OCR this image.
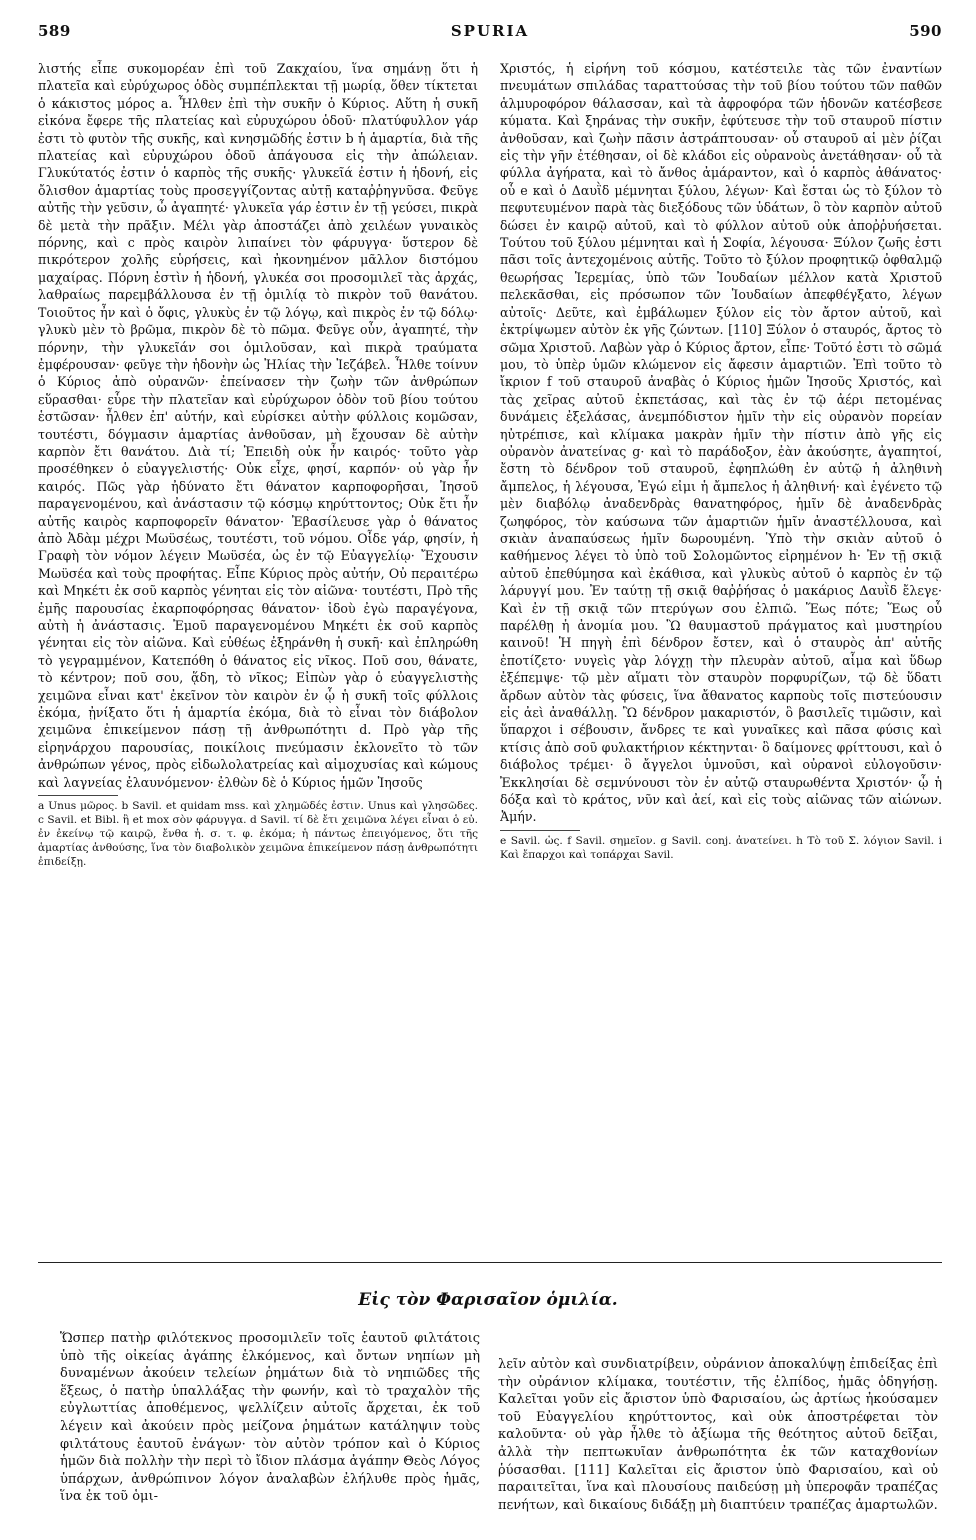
589	SPURIA	590

λιστής εἶπε συκομορέαν ἐπὶ τοῦ Ζακχαίου, ἵνα σημάνῃ ὅτι ἡ πλατεῖα καὶ εὐρύχωρος ὁδὸς συμπέπλεκται τῇ μωρίᾳ, ὅθεν τίκτεται ὁ κάκιστος μόρος a. Ἦλθεν ἐπὶ τὴν συκῆν ὁ Κύριος. Αὕτη ἡ συκῆ εἰκόνα ἔφερε τῆς πλατείας καὶ εὐρυχώρου ὁδοῦ· πλατύφυλλον γάρ ἐστι τὸ φυτὸν τῆς συκῆς, καὶ κνησμῶδής ἐστιν b ἡ ἁμαρτία, διὰ τῆς πλατείας καὶ εὐρυχώρου ὁδοῦ ἀπάγουσα εἰς τὴν ἀπώλειαν. Γλυκύτατός ἐστιν ὁ καρπὸς τῆς συκῆς· γλυκεῖά ἐστιν ἡ ἡδονή, εἰς ὄλισθον ἁμαρτίας τοὺς προσεγγίζοντας αὐτῇ καταῤῥηγνῦσα. Φεῦγε αὐτῆς τὴν γεῦσιν, ὦ ἀγαπητέ· γλυκεῖα γάρ ἐστιν ἐν τῇ γεύσει, πικρὰ δὲ μετὰ τὴν πρᾶξιν. Μέλι γὰρ ἀποστάζει ἀπὸ χειλέων γυναικὸς πόρνης, καὶ c πρὸς καιρὸν λιπαίνει τὸν φάρυγγα· ὕστερον δὲ πικρότερον χολῆς εὑρήσεις, καὶ ἠκονημένον μᾶλλον διστόμου μαχαίρας. Πόρνη ἐστὶν ἡ ἡδονή, γλυκέα σοι προσομιλεῖ τὰς ἀρχάς, λαθραίως παρεμβάλλουσα ἐν τῇ ὁμιλίᾳ τὸ πικρὸν τοῦ θανάτου. Τοιοῦτος ἦν καὶ ὁ ὄφις, γλυκὺς ἐν τῷ λόγῳ, καὶ πικρὸς ἐν τῷ δόλῳ· γλυκὺ μὲν τὸ βρῶμα, πικρὸν δὲ τὸ πῶμα. Φεῦγε οὖν, ἀγαπητέ, τὴν πόρνην, τὴν γλυκεῖάν σοι ὁμιλοῦσαν, καὶ πικρὰ τραύματα ἐμφέρουσαν· φεῦγε τὴν ἡδονὴν ὡς Ἠλίας τὴν Ἰεζάβελ. Ἦλθε τοίνυν ὁ Κύριος ἀπὸ οὐρανῶν· ἐπείνασεν τὴν ζωὴν τῶν ἀνθρώπων εὕρασθαι· εὗρε τὴν πλατεῖαν καὶ εὐρύχωρον ὁδὸν τοῦ βίου τούτου ἑστῶσαν· ἦλθεν ἐπ' αὐτήν, καὶ εὑρίσκει αὐτὴν φύλλοις κομῶσαν, τουτέστι, δόγμασιν ἁμαρτίας ἀνθοῦσαν, μὴ ἔχουσαν δὲ αὐτὴν καρπὸν ἔτι θανάτου. Διὰ τί; Ἐπειδὴ οὐκ ἦν καιρός· τοῦτο γὰρ προσέθηκεν ὁ εὐαγγελιστής· Οὐκ εἶχε, φησί, καρπόν· οὐ γὰρ ἦν καιρός. Πῶς γὰρ ἠδύνατο ἔτι θάνατον καρποφορῆσαι, Ἰησοῦ παραγενομένου, καὶ ἀνάστασιν τῷ κόσμῳ κηρύττοντος; Οὐκ ἔτι ἦν αὐτῆς καιρὸς καρποφορεῖν θάνατον· Ἐβασίλευσε γὰρ ὁ θάνατος ἀπὸ Ἀδὰμ μέχρι Μωϋσέως, τουτέστι, τοῦ νόμου. Οἶδε γάρ, φησίν, ἡ Γραφὴ τὸν νόμον λέγειν Μωϋσέα, ὡς ἐν τῷ Εὐαγγελίῳ· Ἔχουσιν Μωϋσέα καὶ τοὺς προφήτας. Εἶπε Κύριος πρὸς αὐτήν, Οὐ περαιτέρω καὶ Μηκέτι ἐκ σοῦ καρπὸς γένηται εἰς τὸν αἰῶνα· τουτέστι, Πρὸ τῆς ἐμῆς παρουσίας ἐκαρποφόρησας θάνατον· ἰδοὺ ἐγὼ παραγέγονα, αὐτὴ ἡ ἀνάστασις. Ἐμοῦ παραγενομένου Μηκέτι ἐκ σοῦ καρπὸς γένηται εἰς τὸν αἰῶνα. Καὶ εὐθέως ἐξηράνθη ἡ συκῆ· καὶ ἐπληρώθη τὸ γεγραμμένον, Κατεπόθη ὁ θάνατος εἰς νῖκος. Ποῦ σου, θάνατε, τὸ κέντρον; ποῦ σου, ᾅδη, τὸ νῖκος; Εἰπὼν γὰρ ὁ εὐαγγελιστὴς χειμῶνα εἶναι κατ' ἐκεῖνον τὸν καιρὸν ἐν ᾧ ἡ συκῆ τοῖς φύλλοις ἐκόμα, ᾐνίξατο ὅτι ἡ ἁμαρτία ἐκόμα, διὰ τὸ εἶναι τὸν διάβολον χειμῶνα ἐπικείμενον πάσῃ τῇ ἀνθρωπότητι d. Πρὸ γὰρ τῆς εἰρηνάρχου παρουσίας, ποικίλοις πνεύμασιν ἐκλονεῖτο τὸ τῶν ἀνθρώπων γένος, πρὸς εἰδωλολατρείας καὶ αἱμοχυσίας καὶ κώμους καὶ λαγνείας ἐλαυνόμενον· ἐλθὼν δὲ ὁ Κύριος ἡμῶν Ἰησοῦς

a Unus μῶρος. b Savil. et quidam mss. καὶ χλημῶδές ἐστιν. Unus καὶ γλησῶδες. c Savil. et Bibl. ἢ et mox σὸν φάρυγγα. d Savil. τί δὲ ἔτι χειμῶνα λέγει εἶναι ὁ εὐ. ἐν ἐκείνῳ τῷ καιρῷ, ἔνθα ἡ. σ. τ. φ. ἐκόμα; ἡ πάντως ἐπειγόμενος, ὅτι τῆς ἁμαρτίας ἀνθούσης, ἵνα τὸν διαβολικὸν χειμῶνα ἐπικείμενον πάσῃ ἀνθρωπότητι ἐπιδείξῃ.

Χριστός, ἡ εἰρήνη τοῦ κόσμου, κατέστειλε τὰς τῶν ἐναντίων πνευμάτων σπιλάδας ταραττούσας τὴν τοῦ βίου τούτου τῶν παθῶν ἁλμυροφόρον θάλασσαν, καὶ τὰ ἀφροφόρα τῶν ἡδονῶν κατέσβεσε κύματα. Καὶ ξηράνας τὴν συκῆν, ἐφύτευσε τὴν τοῦ σταυροῦ πίστιν ἀνθοῦσαν, καὶ ζωὴν πᾶσιν ἀστράπτουσαν· οὗ σταυροῦ αἱ μὲν ῥίζαι εἰς τὴν γῆν ἐτέθησαν, οἱ δὲ κλάδοι εἰς οὐρανοὺς ἀνετάθησαν· οὗ τὰ φύλλα ἀγήρατα, καὶ τὸ ἄνθος ἀμάραντον, καὶ ὁ καρπὸς ἀθάνατος· οὗ e καὶ ὁ Δαυῒδ μέμνηται ξύλου, λέγων· Καὶ ἔσται ὡς τὸ ξύλον τὸ πεφυτευμένον παρὰ τὰς διεξόδους τῶν ὑδάτων, ὃ τὸν καρπὸν αὐτοῦ δώσει ἐν καιρῷ αὐτοῦ, καὶ τὸ φύλλον αὐτοῦ οὐκ ἀποῤῥυήσεται. Τούτου τοῦ ξύλου μέμνηται καὶ ἡ Σοφία, λέγουσα· Ξύλον ζωῆς ἐστι πᾶσι τοῖς ἀντεχομένοις αὐτῆς. Τοῦτο τὸ ξύλον προφητικῷ ὀφθαλμῷ θεωρήσας Ἱερεμίας, ὑπὸ τῶν Ἰουδαίων μέλλον κατὰ Χριστοῦ πελεκᾶσθαι, εἰς πρόσωπον τῶν Ἰουδαίων ἀπεφθέγξατο, λέγων αὐτοῖς· Δεῦτε, καὶ ἐμβάλωμεν ξύλον εἰς τὸν ἄρτον αὐτοῦ, καὶ ἐκτρίψωμεν αὐτὸν ἐκ γῆς ζώντων. [110] Ξύλον ὁ σταυρός, ἄρτος τὸ σῶμα Χριστοῦ. Λαβὼν γὰρ ὁ Κύριος ἄρτον, εἶπε· Τοῦτό ἐστι τὸ σῶμά μου, τὸ ὑπὲρ ὑμῶν κλώμενον εἰς ἄφεσιν ἁμαρτιῶν. Ἐπὶ τοῦτο τὸ ἴκριον f τοῦ σταυροῦ ἀναβὰς ὁ Κύριος ἡμῶν Ἰησοῦς Χριστός, καὶ τὰς χεῖρας αὐτοῦ ἐκπετάσας, καὶ τὰς ἐν τῷ ἀέρι πετομένας δυνάμεις ἐξελάσας, ἀνεμπόδιστον ἡμῖν τὴν εἰς οὐρανὸν πορείαν ηὐτρέπισε, καὶ κλίμακα μακρὰν ἡμῖν τὴν πίστιν ἀπὸ γῆς εἰς οὐρανὸν ἀνατείνας g· καὶ τὸ παράδοξον, ἐὰν ἀκούσητε, ἀγαπητοί, ἔστη τὸ δένδρον τοῦ σταυροῦ, ἐφηπλώθη ἐν αὐτῷ ἡ ἀληθινὴ ἄμπελος, ἡ λέγουσα, Ἐγώ εἰμι ἡ ἄμπελος ἡ ἀληθινή· καὶ ἐγένετο τῷ μὲν διαβόλῳ ἀναδενδρὰς θανατηφόρος, ἡμῖν δὲ ἀναδενδρὰς ζωηφόρος, τὸν καύσωνα τῶν ἁμαρτιῶν ἡμῖν ἀναστέλλουσα, καὶ σκιὰν ἀναπαύσεως ἡμῖν δωρουμένη. Ὑπὸ τὴν σκιὰν αὐτοῦ ὁ καθήμενος λέγει τὸ ὑπὸ τοῦ Σολομῶντος εἰρημένον h· Ἐν τῇ σκιᾷ αὐτοῦ ἐπεθύμησα καὶ ἐκάθισα, καὶ γλυκὺς αὐτοῦ ὁ καρπὸς ἐν τῷ λάρυγγί μου. Ἐν ταύτῃ τῇ σκιᾷ θαῤῥήσας ὁ μακάριος Δαυῒδ ἔλεγε· Καὶ ἐν τῇ σκιᾷ τῶν πτερύγων σου ἐλπιῶ. Ἕως πότε; Ἕως οὗ παρέλθῃ ἡ ἀνομία μου. Ὢ θαυμαστοῦ πράγματος καὶ μυστηρίου καινοῦ! Ἡ πηγὴ ἐπὶ δένδρον ἔστεν, καὶ ὁ σταυρὸς ἀπ' αὐτῆς ἐποτίζετο· νυγεὶς γὰρ λόγχῃ τὴν πλευρὰν αὐτοῦ, αἷμα καὶ ὕδωρ ἐξέπεμψε· τῷ μὲν αἵματι τὸν σταυρὸν πορφυρίζων, τῷ δὲ ὕδατι ἄρδων αὐτὸν τὰς φύσεις, ἵνα ἄθανατος καρποὺς τοῖς πιστεύουσιν εἰς ἀεὶ ἀναθάλλῃ. Ὢ δένδρον μακαριστόν, ὃ βασιλεῖς τιμῶσιν, καὶ ὕπαρχοι i σέβουσιν, ἄνδρες τε καὶ γυναῖκες καὶ πᾶσα φύσις καὶ κτίσις ἀπὸ σοῦ φυλακτήριον κέκτηνται· ὃ δαίμονες φρίττουσι, καὶ ὁ διάβολος τρέμει· ὃ ἄγγελοι ὑμνοῦσι, καὶ οὐρανοὶ εὐλογοῦσιν· Ἐκκλησίαι δὲ σεμνύνουσι τὸν ἐν αὐτῷ σταυρωθέντα Χριστόν· ᾧ ἡ δόξα καὶ τὸ κράτος, νῦν καὶ ἀεί, καὶ εἰς τοὺς αἰῶνας τῶν αἰώνων. Ἀμήν.

e Savil. ὡς. f Savil. σημεῖον. g Savil. conj. ἀνατείνει. h Τὸ τοῦ Σ. λόγιον Savil. i Καὶ ἔπαρχοι καὶ τοπάρχαι Savil.

Εἰς τὸν Φαρισαῖον ὁμιλία.

Ὥσπερ πατὴρ φιλότεκνος προσομιλεῖν τοῖς ἑαυτοῦ φιλτάτοις ὑπὸ τῆς οἰκείας ἀγάπης ἑλκόμενος, καὶ ὄντων νηπίων μὴ δυναμένων ἀκούειν τελείων ῥημάτων διὰ τὸ νηπιῶδες τῆς ἕξεως, ὁ πατὴρ ὑπαλλάξας τὴν φωνήν, καὶ τὸ τραχαλὸν τῆς εὐγλωττίας ἀποθέμενος, ψελλίζειν αὐτοῖς ἄρχεται, ἐκ τοῦ λέγειν καὶ ἀκούειν πρὸς μείζονα ῥημάτων κατάληψιν τοὺς φιλτάτους ἑαυτοῦ ἐνάγων· τὸν αὐτὸν τρόπον καὶ ὁ Κύριος ἡμῶν διὰ πολλὴν τὴν περὶ τὸ ἴδιον πλάσμα ἀγάπην Θεὸς Λόγος ὑπάρχων, ἀνθρώπινον λόγον ἀναλαβὼν ἐλήλυθε πρὸς ἡμᾶς, ἵνα ἐκ τοῦ ὁμι-

λεῖν αὐτὸν καὶ συνδιατρίβειν, οὐράνιον ἀποκαλύψῃ ἐπιδείξας ἐπὶ τὴν οὐράνιον κλίμακα, τουτέστιν, τῆς ἐλπίδος, ἡμᾶς ὁδηγήσῃ. Καλεῖται γοῦν εἰς ἄριστον ὑπὸ Φαρισαίου, ὡς ἀρτίως ἠκούσαμεν τοῦ Εὐαγγελίου κηρύττοντος, καὶ οὐκ ἀποστρέφεται τὸν καλοῦντα· οὐ γὰρ ἦλθε τὸ ἀξίωμα τῆς θεότητος αὐτοῦ δεῖξαι, ἀλλὰ τὴν πεπτωκυῖαν ἀνθρωπότητα ἐκ τῶν καταχθονίων ῥύσασθαι. [111] Καλεῖται εἰς ἄριστον ὑπὸ Φαρισαίου, καὶ οὐ παραιτεῖται, ἵνα καὶ πλουσίους παιδεύσῃ μὴ ὑπεροφᾶν τραπέζας πενήτων, καὶ δικαίους διδάξῃ μὴ διαπτύειν τραπέζας ἁμαρτωλῶν.
